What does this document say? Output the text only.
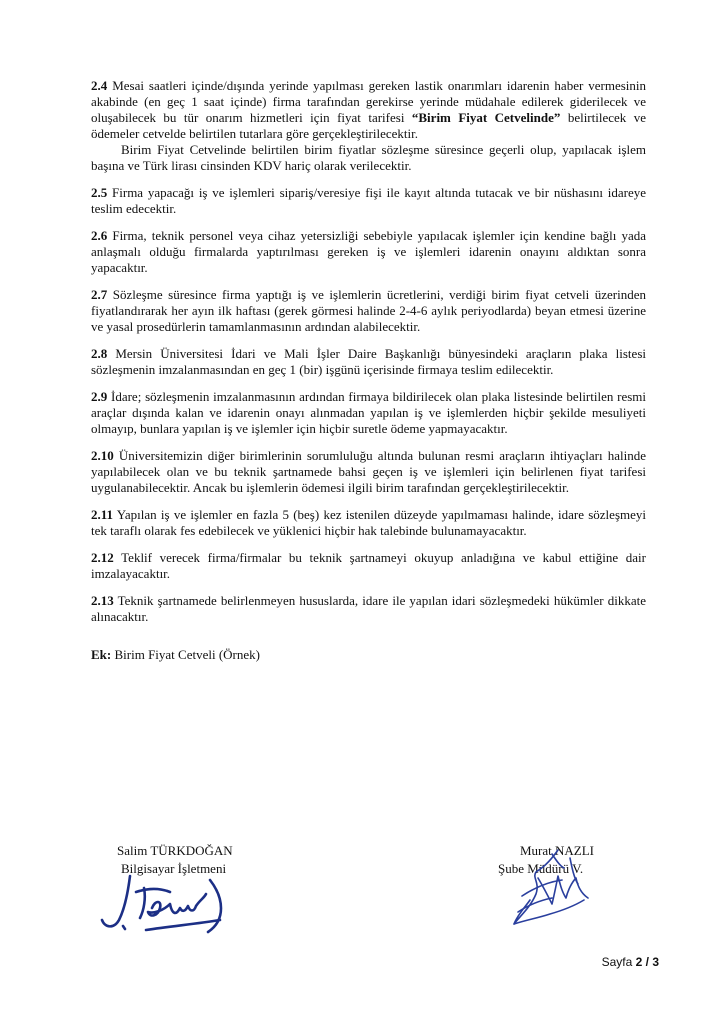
2.4 Mesai saatleri içinde/dışında yerinde yapılması gereken lastik onarımları idarenin haber vermesinin akabinde (en geç 1 saat içinde) firma tarafından gerekirse yerinde müdahale edilerek giderilecek ve oluşabilecek bu tür onarım hizmetleri için fiyat tarifesi “Birim Fiyat Cetvelinde” belirtilecek ve ödemeler cetvelde belirtilen tutarlara göre gerçekleştirilecektir.

Birim Fiyat Cetvelinde belirtilen birim fiyatlar sözleşme süresince geçerli olup, yapılacak işlem başına ve Türk lirası cinsinden KDV hariç olarak verilecektir.

2.5 Firma yapacağı iş ve işlemleri sipariş/veresiye fişi ile kayıt altında tutacak ve bir nüshasını idareye teslim edecektir.

2.6 Firma, teknik personel veya cihaz yetersizliği sebebiyle yapılacak işlemler için kendine bağlı yada anlaşmalı olduğu firmalarda yaptırılması gereken iş ve işlemleri idarenin onayını aldıktan sonra yapacaktır.

2.7 Sözleşme süresince firma yaptığı iş ve işlemlerin ücretlerini, verdiği birim fiyat cetveli üzerinden fiyatlandırarak her ayın ilk haftası (gerek görmesi halinde 2-4-6 aylık periyodlarda) beyan etmesi üzerine ve yasal prosedürlerin tamamlanmasının ardından alabilecektir.

2.8 Mersin Üniversitesi İdari ve Mali İşler Daire Başkanlığı bünyesindeki araçların plaka listesi sözleşmenin imzalanmasından en geç 1 (bir) işgünü içerisinde firmaya teslim edilecektir.

2.9 İdare; sözleşmenin imzalanmasının ardından firmaya bildirilecek olan plaka listesinde belirtilen resmi araçlar dışında kalan ve idarenin onayı alınmadan yapılan iş ve işlemlerden hiçbir şekilde mesuliyeti olmayıp, bunlara yapılan iş ve işlemler için hiçbir suretle ödeme yapmayacaktır.

2.10 Üniversitemizin diğer birimlerinin sorumluluğu altında bulunan resmi araçların ihtiyaçları halinde yapılabilecek olan ve bu teknik şartnamede bahsi geçen iş ve işlemleri için belirlenen fiyat tarifesi uygulanabilecektir. Ancak bu işlemlerin ödemesi ilgili birim tarafından gerçekleştirilecektir.

2.11 Yapılan iş ve işlemler en fazla 5 (beş) kez istenilen düzeyde yapılmaması halinde, idare sözleşmeyi tek taraflı olarak fes edebilecek ve yüklenici hiçbir hak talebinde bulunamayacaktır.

2.12 Teklif verecek firma/firmalar bu teknik şartnameyi okuyup anladığına ve kabul ettiğine dair imzalayacaktır.

2.13 Teknik şartnamede belirlenmeyen hususlarda, idare ile yapılan idari sözleşmedeki hükümler dikkate alınacaktır.

Ek: Birim Fiyat Cetveli (Örnek)

Salim TÜRKDOĞAN
Bilgisayar İşletmeni
Murat NAZLI
Şube Müdürü V.
Sayfa 2 / 3
